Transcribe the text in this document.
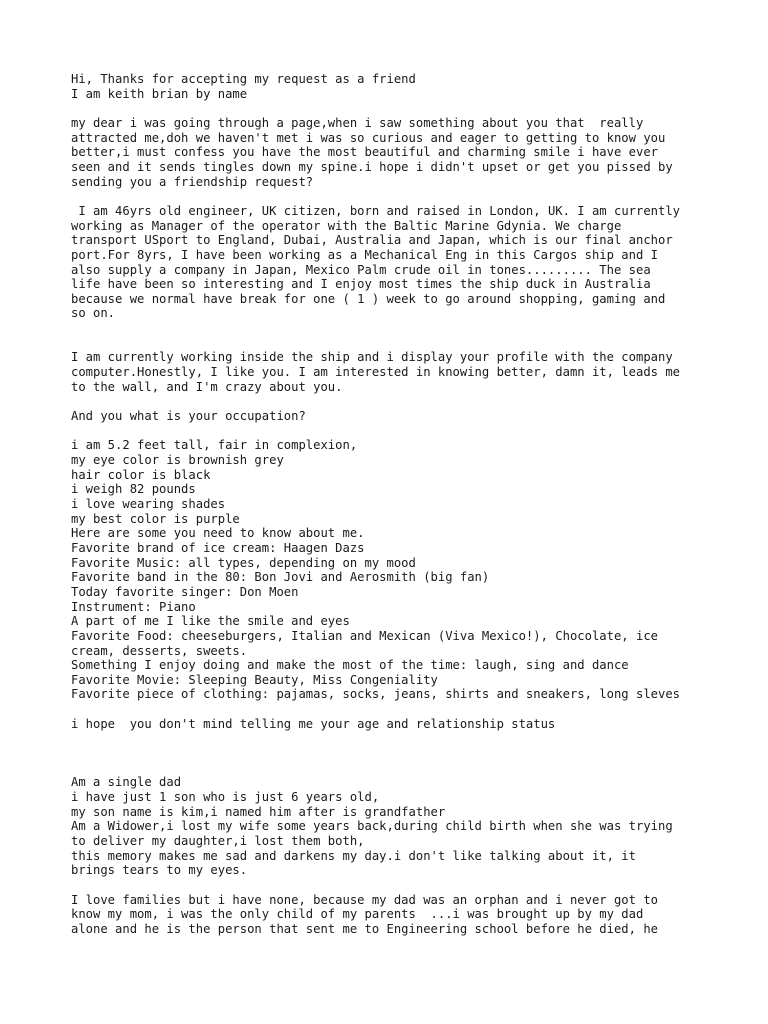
Hi, Thanks for accepting my request as a friend
I am keith brian by name
my dear i was going through a page,when i saw something about you that  really
attracted me,doh we haven't met i was so curious and eager to getting to know you
better,i must confess you have the most beautiful and charming smile i have ever
seen and it sends tingles down my spine.i hope i didn't upset or get you pissed by
sending you a friendship request?
I am 46yrs old engineer, UK citizen, born and raised in London, UK. I am currently
working as Manager of the operator with the Baltic Marine Gdynia. We charge
transport USport to England, Dubai, Australia and Japan, which is our final anchor
port.For 8yrs, I have been working as a Mechanical Eng in this Cargos ship and I
also supply a company in Japan, Mexico Palm crude oil in tones......... The sea
life have been so interesting and I enjoy most times the ship duck in Australia
because we normal have break for one ( 1 ) week to go around shopping, gaming and
so on.
I am currently working inside the ship and i display your profile with the company
computer.Honestly, I like you. I am interested in knowing better, damn it, leads me
to the wall, and I'm crazy about you.
And you what is your occupation?
i am 5.2 feet tall, fair in complexion,
my eye color is brownish grey
hair color is black
i weigh 82 pounds
i love wearing shades
my best color is purple
Here are some you need to know about me.
Favorite brand of ice cream: Haagen Dazs
Favorite Music: all types, depending on my mood
Favorite band in the 80: Bon Jovi and Aerosmith (big fan)
Today favorite singer: Don Moen
Instrument: Piano
A part of me I like the smile and eyes
Favorite Food: cheeseburgers, Italian and Mexican (Viva Mexico!), Chocolate, ice
cream, desserts, sweets.
Something I enjoy doing and make the most of the time: laugh, sing and dance
Favorite Movie: Sleeping Beauty, Miss Congeniality
Favorite piece of clothing: pajamas, socks, jeans, shirts and sneakers, long sleves
i hope  you don't mind telling me your age and relationship status
Am a single dad
i have just 1 son who is just 6 years old,
my son name is kim,i named him after is grandfather
Am a Widower,i lost my wife some years back,during child birth when she was trying
to deliver my daughter,i lost them both,
this memory makes me sad and darkens my day.i don't like talking about it, it
brings tears to my eyes.
I love families but i have none, because my dad was an orphan and i never got to
know my mom, i was the only child of my parents  ...i was brought up by my dad
alone and he is the person that sent me to Engineering school before he died, he
